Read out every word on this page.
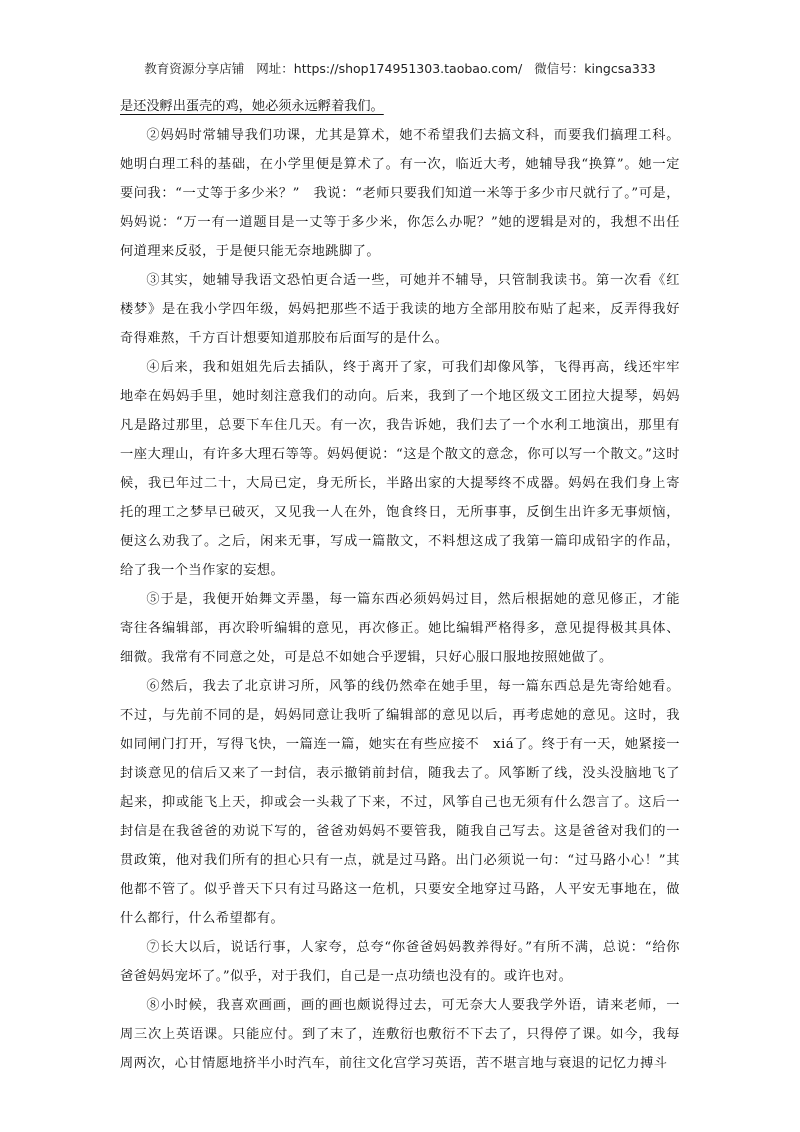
教育资源分享店铺 网址：https://shop174951303.taobao.com/ 微信号：kingcsa333
是还没孵出蛋壳的鸡，她必须永远孵着我们。

②妈妈时常辅导我们功课，尤其是算术，她不希望我们去搞文科，而要我们搞理工科。她明白理工科的基础，在小学里便是算术了。有一次，临近大考，她辅导我“换算”。她一定要问我：“一丈等于多少米？”　我说：“老师只要我们知道一米等于多少市尺就行了。”可是，妈妈说：“万一有一道题目是一丈等于多少米，你怎么办呢？”她的逻辑是对的，我想不出任何道理来反驳，于是便只能无奈地跳脚了。

③其实，她辅导我语文恐怕更合适一些，可她并不辅导，只管制我读书。第一次看《红楼梦》是在我小学四年级，妈妈把那些不适于我读的地方全部用胶布贴了起来，反弄得我好奇得难熬，千方百计想要知道那胶布后面写的是什么。

④后来，我和姐姐先后去插队，终于离开了家，可我们却像风筝，飞得再高，线还牢牢地牵在妈妈手里，她时刻注意我们的动向。后来，我到了一个地区级文工团拉大提琴，妈妈凡是路过那里，总要下车住几天。有一次，我告诉她，我们去了一个水利工地演出，那里有一座大理山，有许多大理石等等。妈妈便说：“这是个散文的意念，你可以写一个散文。”这时候，我已年过二十，大局已定，身无所长，半路出家的大提琴终不成器。妈妈在我们身上寄托的理工之梦早已破灭，又见我一人在外，饱食终日，无所事事，反倒生出许多无事烦恼，便这么劝我了。之后，闲来无事，写成一篇散文，不料想这成了我第一篇印成铅字的作品，给了我一个当作家的妄想。

⑤于是，我便开始舞文弄墨，每一篇东西必须妈妈过目，然后根据她的意见修正，才能寄往各编辑部，再次聆听编辑的意见，再次修正。她比编辑严格得多，意见提得极其具体、细微。我常有不同意之处，可是总不如她合乎逻辑，只好心服口服地按照她做了。

⑥然后，我去了北京讲习所，风筝的线仍然牵在她手里，每一篇东西总是先寄给她看。不过，与先前不同的是，妈妈同意让我听了编辑部的意见以后，再考虑她的意见。这时，我如同闸门打开，写得飞快，一篇连一篇，她实在有些应接不　xiá了。终于有一天，她紧接一封谈意见的信后又来了一封信，表示撤销前封信，随我去了。风筝断了线，没头没脑地飞了起来，抑或能飞上天，抑或会一头栽了下来，不过，风筝自己也无须有什么怨言了。这后一封信是在我爸爸的劝说下写的，爸爸劝妈妈不要管我，随我自己写去。这是爸爸对我们的一贯政策，他对我们所有的担心只有一点，就是过马路。出门必须说一句：“过马路小心！”其他都不管了。似乎普天下只有过马路这一危机，只要安全地穿过马路，人平安无事地在，做什么都行，什么希望都有。

⑦长大以后，说话行事，人家夸，总夸“你爸爸妈妈教养得好。”有所不满，总说：“给你爸爸妈妈宠坏了。”似乎，对于我们，自己是一点功绩也没有的。或许也对。

⑧小时候，我喜欢画画，画的画也颇说得过去，可无奈大人要我学外语，请来老师，一周三次上英语课。只能应付。到了末了，连敷衍也敷衍不下去了，只得停了课。如今，我每周两次，心甘情愿地挤半小时汽车，前往文化宫学习英语，苦不堪言地与衰退的记忆力搏斗
